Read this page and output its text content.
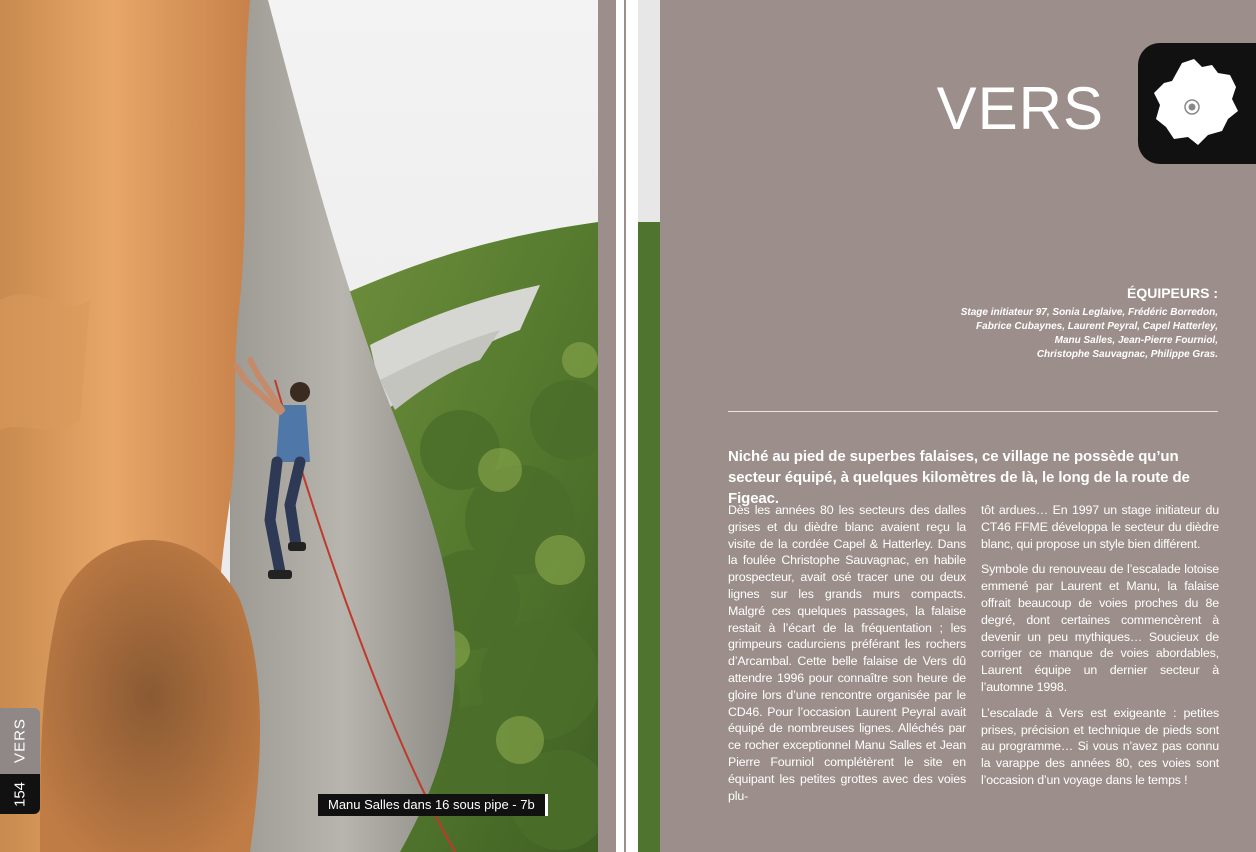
Manu Salles dans 16 sous pipe - 7b
VERS
154
VERS
ÉQUIPEURS :
Stage initiateur 97, Sonia Leglaive, Frédéric Borredon,
Fabrice Cubaynes, Laurent Peyral, Capel Hatterley,
Manu Salles, Jean-Pierre Fourniol,
Christophe Sauvagnac, Philippe Gras.
Niché au pied de superbes falaises, ce village ne possède qu’un secteur équipé, à quelques kilomètres de là, le long de la route de Figeac.

Dès les années 80 les secteurs des dalles grises et du dièdre blanc avaient reçu la visite de la cordée Capel & Hatterley. Dans la foulée Christophe Sauvagnac, en habile prospecteur, avait osé tracer une ou deux lignes sur les grands murs compacts. Malgré ces quelques passages, la falaise restait à l’écart de la fréquentation ; les grimpeurs cadurciens préférant les rochers d’Arcambal. Cette belle falaise de Vers dû attendre 1996 pour connaître son heure de gloire lors d’une rencontre organisée par le CD46. Pour l’occasion Laurent Peyral avait équipé de nombreuses lignes. Alléchés par ce rocher exceptionnel Manu Salles et Jean Pierre Fourniol complétèrent le site en équipant les petites grottes avec des voies plu-

tôt ardues… En 1997 un stage initiateur du CT46 FFME développa le secteur du dièdre blanc, qui propose un style bien différent.

Symbole du renouveau de l’escalade lotoise emmené par Laurent et Manu, la falaise offrait beaucoup de voies proches du 8e degré, dont certaines commencèrent à devenir un peu mythiques… Soucieux de corriger ce manque de voies abordables, Laurent équipe un dernier secteur à l’automne 1998.

L’escalade à Vers est exigeante : petites prises, précision et technique de pieds sont au programme… Si vous n’avez pas connu la varappe des années 80, ces voies sont l’occasion d’un voyage dans le temps !
